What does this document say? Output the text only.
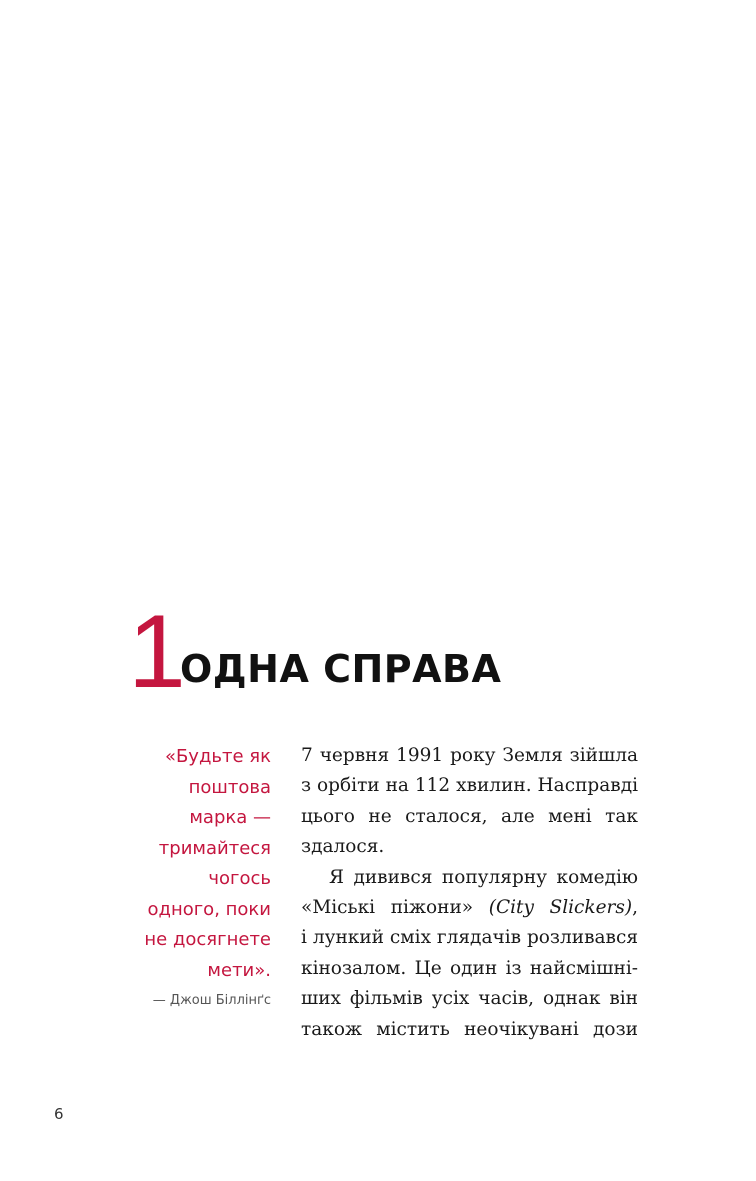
1
ОДНА СПРАВА
«Будьте як
поштова
марка —
тримайтеся
чогось
одного, поки
не досягнете
мети».
— Джош Біллінґс
7 червня 1991 року Земля зійшла
з орбіти на 112 хвилин. Насправді
цього не сталося, але мені так
здалося.
Я дивився популярну комедію
«Міські піжони» (City Slickers),
і лункий сміх глядачів розливався
кінозалом. Це один із найсмішні-
ших фільмів усіх часів, однак він
також містить неочікувані дози
6
